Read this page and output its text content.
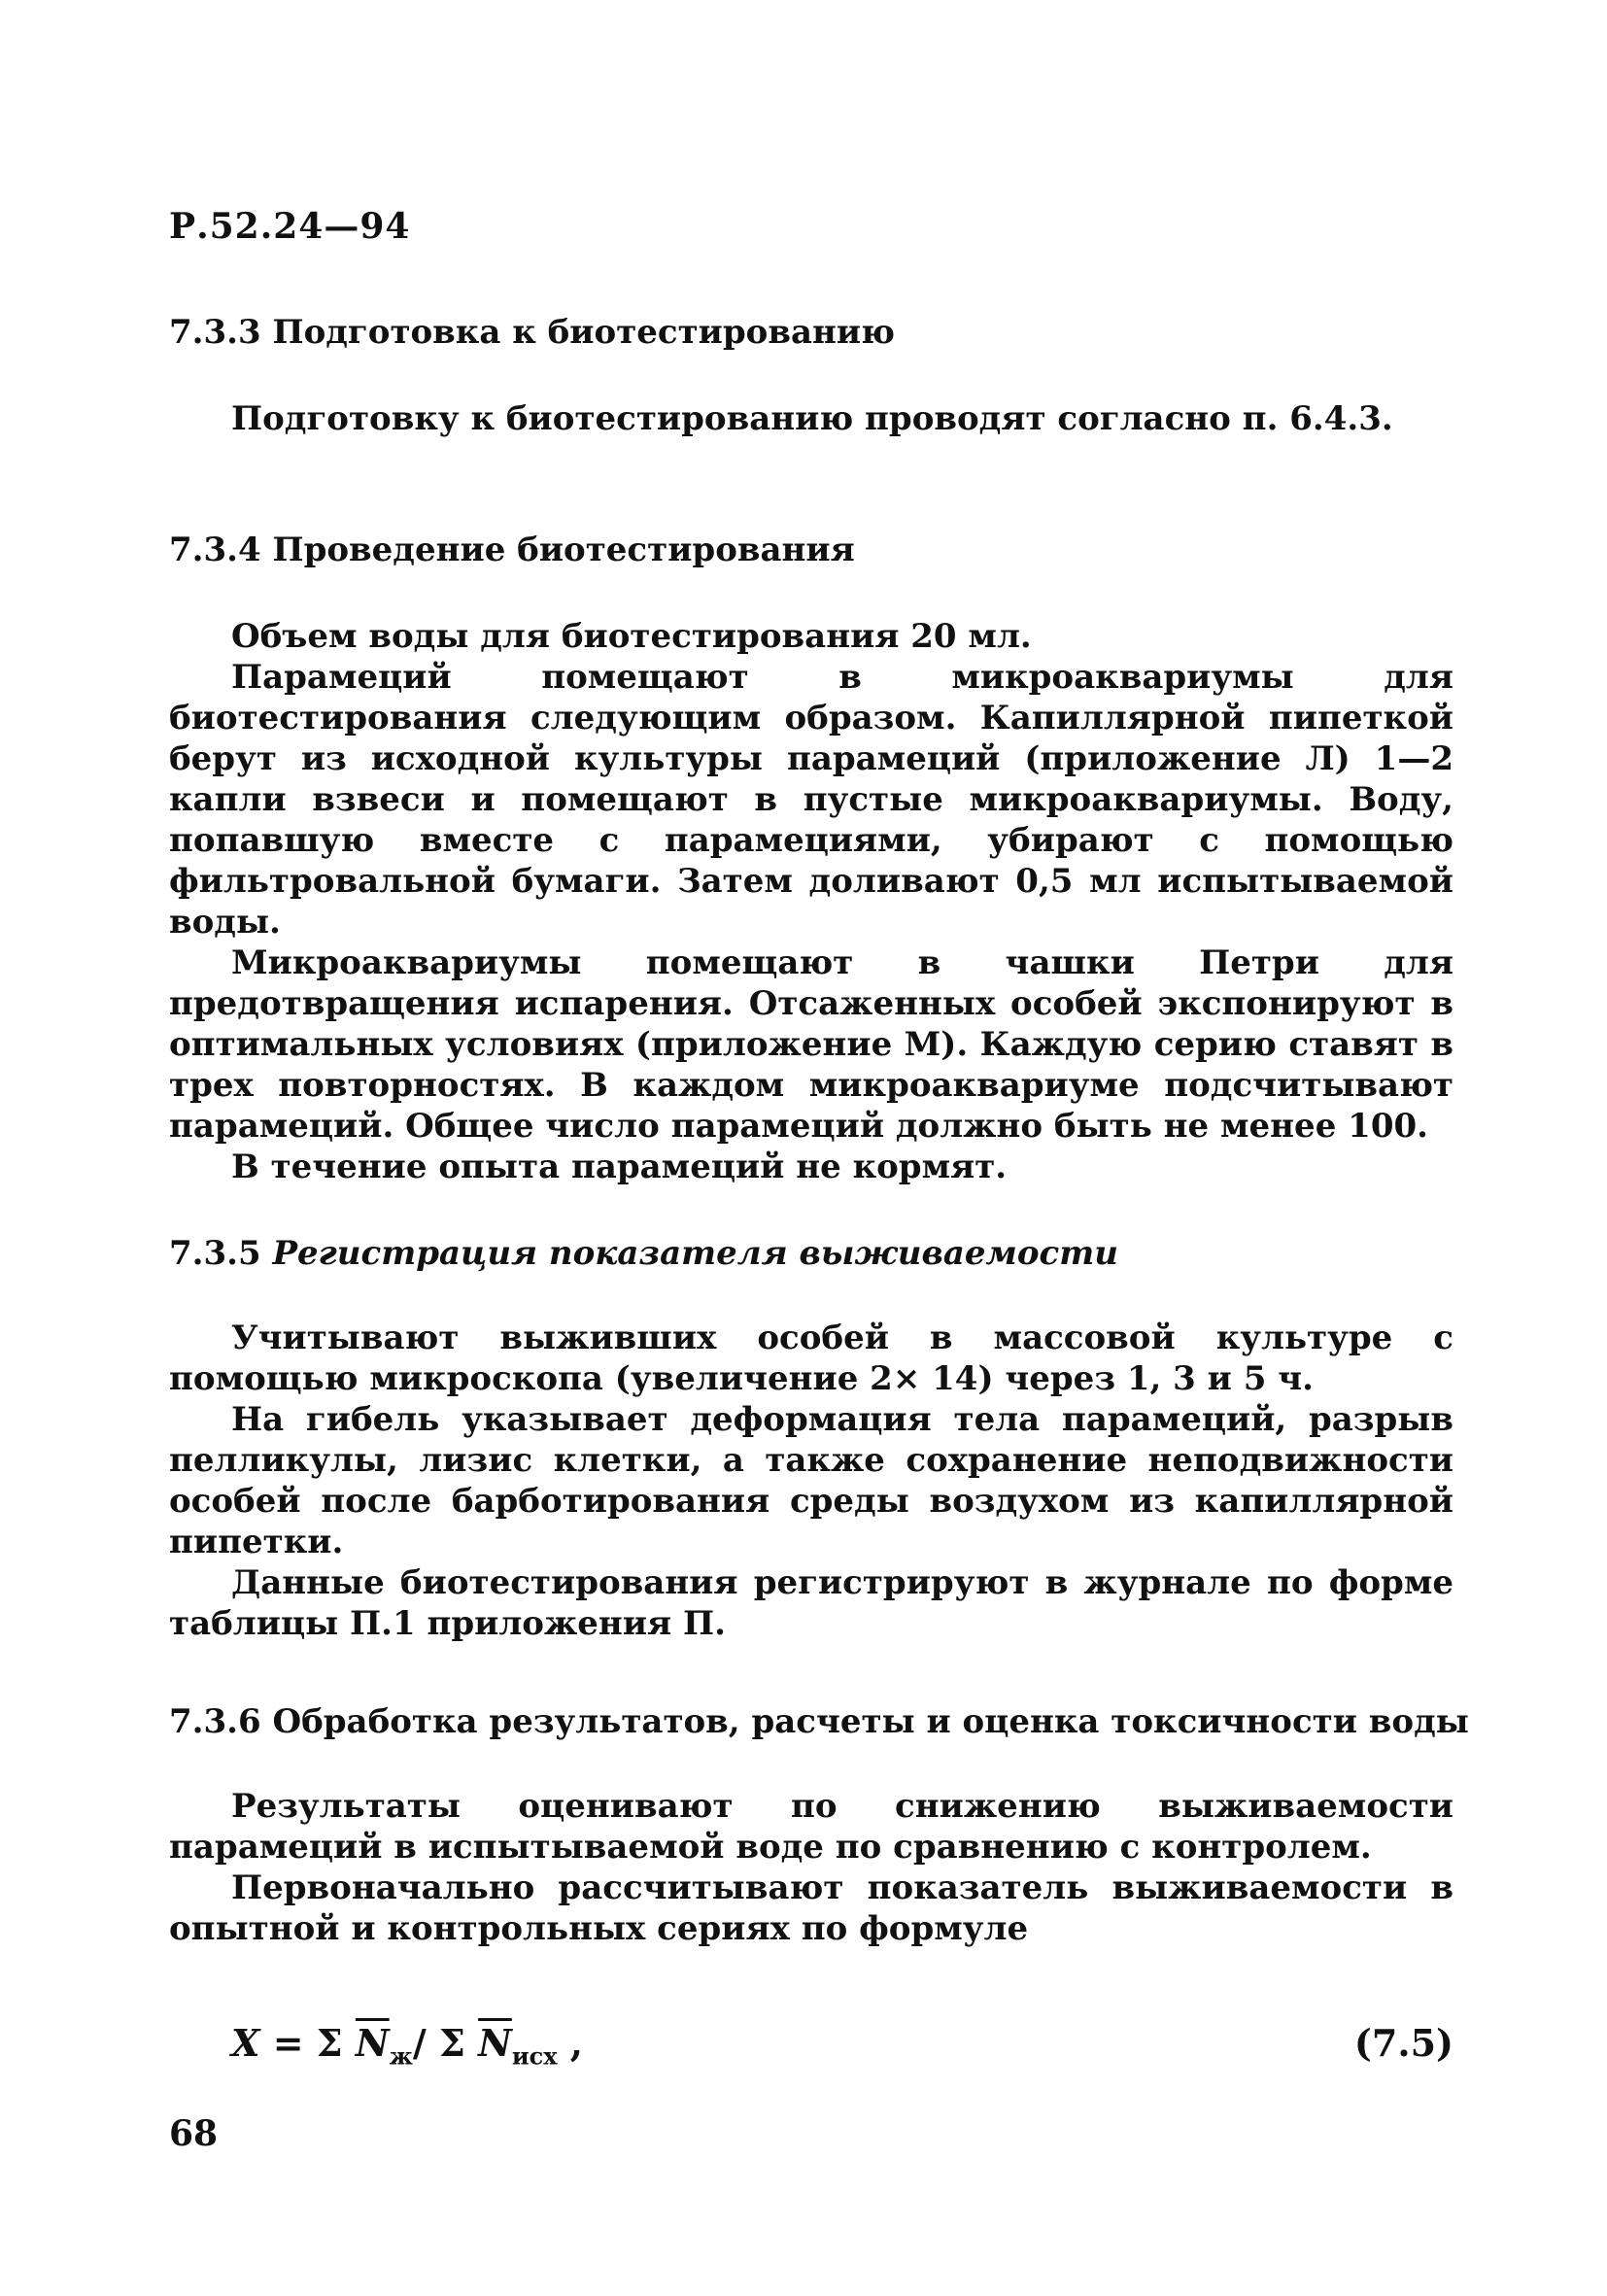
Р.52.24—94
7.3.3 Подготовка к биотестированию

Подготовку к биотестированию проводят согласно п. 6.4.3.

7.3.4 Проведение биотестирования

Объем воды для биотестирования 20 мл.

Парамеций помещают в микроаквариумы для биотестирования следующим образом. Капиллярной пипеткой берут из исходной культуры парамеций (приложение Л) 1—2 капли взвеси и помещают в пустые микроаквариумы. Воду, попавшую вместе с парамециями, убирают с помощью фильтровальной бумаги. Затем доливают 0,5 мл испытываемой воды.

Микроаквариумы помещают в чашки Петри для предотвращения испарения. Отсаженных особей экспонируют в оптимальных условиях (приложение М). Каждую серию ставят в трех повторностях. В каждом микроаквариуме подсчитывают парамеций. Общее число парамеций должно быть не менее 100.

В течение опыта парамеций не кормят.

7.3.5 Регистрация показателя выживаемости

Учитывают выживших особей в массовой культуре с помощью микроскопа (увеличение 2× 14) через 1, 3 и 5 ч.

На гибель указывает деформация тела парамеций, разрыв пелликулы, лизис клетки, а также сохранение неподвижности особей после барботирования среды воздухом из капиллярной пипетки.

Данные биотестирования регистрируют в журнале по форме таблицы П.1 приложения П.

7.3.6 Обработка результатов, расчеты и оценка токсичности воды

Результаты оценивают по снижению выживаемости парамеций в испытываемой воде по сравнению с контролем.

Первоначально рассчитывают показатель выживаемости в опытной и контрольных сериях по формуле

X = Σ $\overline{N}_ж/$ Σ $\overline{N}_{исх}$ ,	(7.5)
68
